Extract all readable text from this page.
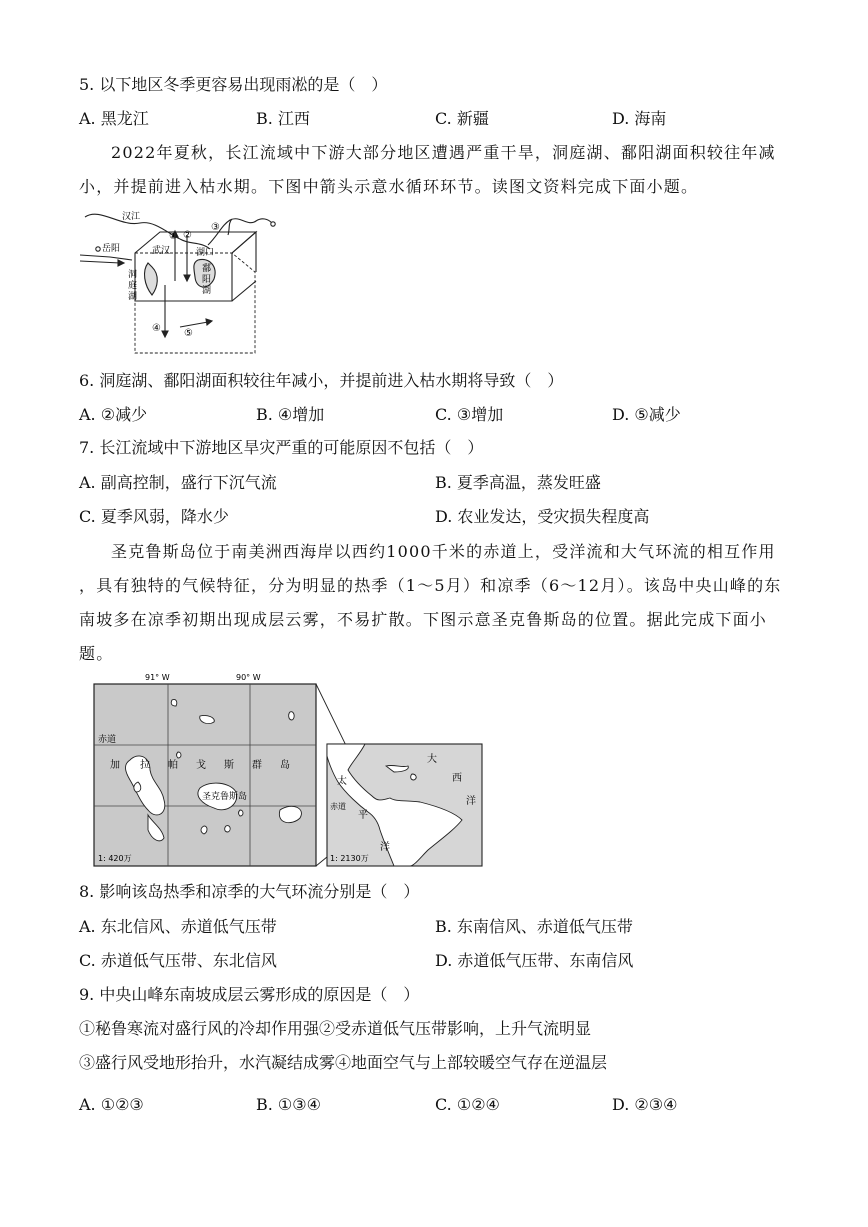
5. 以下地区冬季更容易出现雨凇的是（　）
A. 黑龙江	B. 江西	C. 新疆	D. 海南

2022年夏秋，长江流域中下游大部分地区遭遇严重干旱，洞庭湖、鄱阳湖面积较往年减

小，并提前进入枯水期。下图中箭头示意水循环环节。读图文资料完成下面小题。

汉江
岳阳	武汉	湖口
洞
庭
湖
鄱
阳
湖
① ②
③
④ ⑤
6. 洞庭湖、鄱阳湖面积较往年减小，并提前进入枯水期将导致（　）
A. ②减少	B. ④增加	C. ③增加	D. ⑤减少
7. 长江流域中下游地区旱灾严重的可能原因不包括（　）
A. 副高控制，盛行下沉气流	B. 夏季高温，蒸发旺盛
C. 夏季风弱，降水少	D. 农业发达，受灾损失程度高

圣克鲁斯岛位于南美洲西海岸以西约1000千米的赤道上，受洋流和大气环流的相互作用

，具有独特的气候特征，分为明显的热季（1～5月）和凉季（6～12月）。该岛中央山峰的东

南坡多在凉季初期出现成层云雾，不易扩散。下图示意圣克鲁斯岛的位置。据此完成下面小

题。

91° W	90° W
赤道
加 拉 帕 戈 斯 群 岛
圣克鲁斯岛
1: 420万
大
西
洋
太
平
洋
赤道
1: 2130万
8. 影响该岛热季和凉季的大气环流分别是（　）
A. 东北信风、赤道低气压带	B. 东南信风、赤道低气压带
C. 赤道低气压带、东北信风	D. 赤道低气压带、东南信风
9. 中央山峰东南坡成层云雾形成的原因是（　）
①秘鲁寒流对盛行风的冷却作用强②受赤道低气压带影响，上升气流明显
③盛行风受地形抬升，水汽凝结成雾④地面空气与上部较暖空气存在逆温层
A. ①②③	B. ①③④	C. ①②④	D. ②③④
